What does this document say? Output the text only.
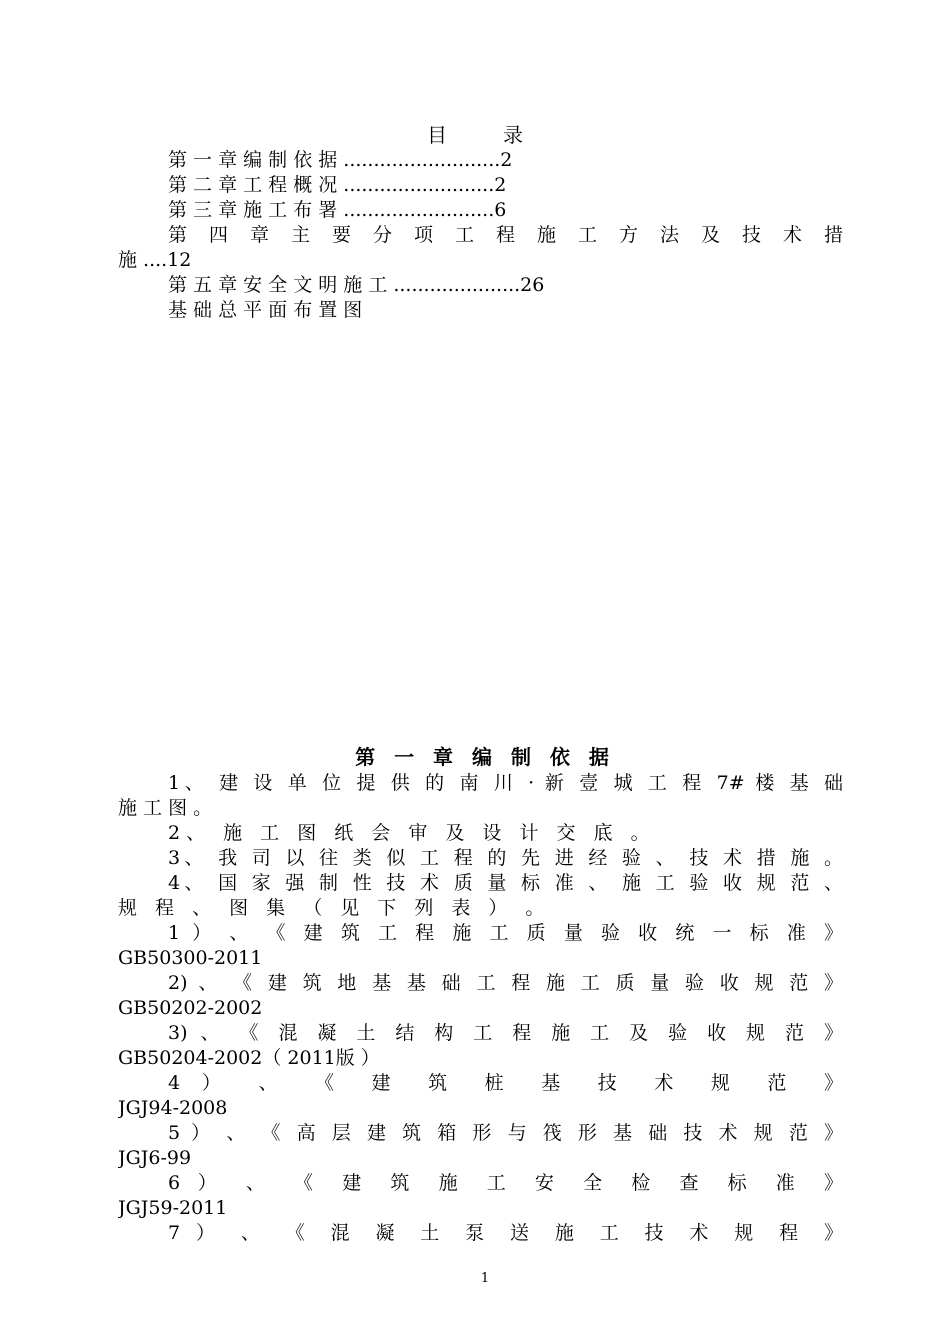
目	录
第 一 章 编 制 依 据 ..........................2
第 二 章 工 程 概 况 .........................2
第 三 章 施 工 布 署 .........................6
第 四 章 主 要 分 项 工 程 施 工 方 法 及 技 术 措
施 ....12
第 五 章 安 全 文 明 施 工 .....................26
基 础 总 平 面 布 置 图
第 一 章 编 制 依 据
1、 建 设 单 位 提 供 的 南 川 · 新 壹 城 工 程 7# 楼 基 础
施 工 图 。
2、 施 工 图 纸 会 审 及 设 计 交 底 。
3、 我 司 以 往 类 似 工 程 的 先 进 经 验 、 技 术 措 施 。
4、 国 家 强 制 性 技 术 质 量 标 准 、 施 工 验 收 规 范 、
规 程 、 图 集 （ 见 下 列 表 ） 。
1 ） 、 《 建 筑 工 程 施 工 质 量 验 收 统 一 标 准 》
GB50300-2011
2) 、 《 建 筑 地 基 基 础 工 程 施 工 质 量 验 收 规 范 》
GB50202-2002
3) 、 《 混 凝 土 结 构 工 程 施 工 及 验 收 规 范 》
GB50204-2002（ 2011版 ）
4 ） 、 《 建 筑 桩 基 技 术 规 范 》
JGJ94-2008
5 ） 、 《 高 层 建 筑 箱 形 与 筏 形 基 础 技 术 规 范 》
JGJ6-99
6 ） 、 《 建 筑 施 工 安 全 检 查 标 准 》
JGJ59-2011
7 ） 、 《 混 凝 土 泵 送 施 工 技 术 规 程 》
1
